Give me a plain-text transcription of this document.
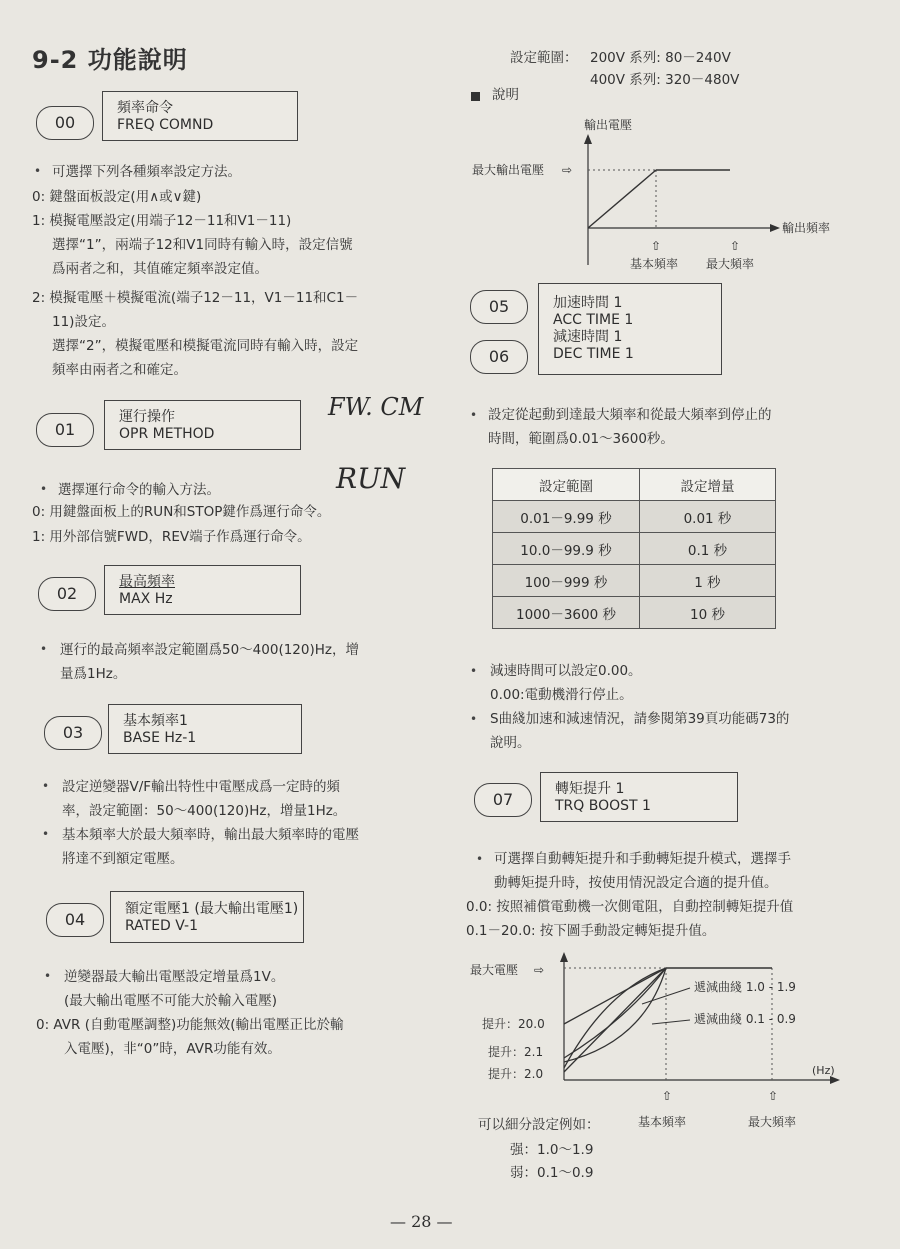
9-2 功能說明
00
頻率命令
FREQ COMND
• 可選擇下列各種頻率設定方法。
0: 鍵盤面板設定(用∧或∨鍵)
1: 模擬電壓設定(用端子12－11和V1－11)
選擇“1”，兩端子12和V1同時有輸入時，設定信號
爲兩者之和，其值確定頻率設定值。
2: 模擬電壓＋模擬電流(端子12－11，V1－11和C1－
11)設定。
選擇“2”，模擬電壓和模擬電流同時有輸入時，設定
頻率由兩者之和確定。
01
運行操作
OPR METHOD
FW. CM
RUN
• 選擇運行命令的輸入方法。
0: 用鍵盤面板上的RUN和STOP鍵作爲運行命令。
1: 用外部信號FWD，REV端子作爲運行命令。
02
最高頻率
MAX Hz
• 運行的最高頻率設定範圍爲50～400(120)Hz，增
量爲1Hz。
03
基本頻率1
BASE Hz-1
• 設定逆變器V/F輸出特性中電壓成爲一定時的頻
率，設定範圍：50～400(120)Hz，增量1Hz。
• 基本頻率大於最大頻率時，輸出最大頻率時的電壓
將達不到額定電壓。
04
額定電壓1 (最大輸出電壓1)
RATED V-1
• 逆變器最大輸出電壓設定增量爲1V。
(最大輸出電壓不可能大於輸入電壓)
0: AVR (自動電壓調整)功能無效(輸出電壓正比於輸
入電壓)，非“0”時，AVR功能有效。
設定範圍： 200V 系列: 80－240V
400V 系列: 320－480V
說明
輸出電壓
最大輸出電壓 ⇨
輸出頻率
⇧	⇧
基本頻率 最大頻率
05
06
加速時間 1
ACC TIME 1
減速時間 1
DEC TIME 1
• 設定從起動到達最大頻率和從最大頻率到停止的
時間，範圍爲0.01～3600秒。
設定範圍	設定增量
0.01－9.99 秒	0.01 秒
10.0－99.9 秒	0.1 秒
100－999 秒	1 秒
1000－3600 秒	10 秒
• 減速時間可以設定0.00。
0.00:電動機滑行停止。
• S曲綫加速和減速情況，請參閱第39頁功能碼73的
說明。
07
轉矩提升 1
TRQ BOOST 1
• 可選擇自動轉矩提升和手動轉矩提升模式，選擇手
動轉矩提升時，按使用情況設定合適的提升值。
0.0: 按照補償電動機一次側電阻，自動控制轉矩提升值
0.1－20.0: 按下圖手動設定轉矩提升值。
最大電壓 ⇨
提升：20.0
提升：2.1
提升：2.0
遞減曲綫 1.0 - 1.9
遞減曲綫 0.1 - 0.9
(Hz)
⇧	⇧
基本頻率	最大頻率
可以細分設定例如：
强：1.0～1.9
弱：0.1～0.9
— 28 —
